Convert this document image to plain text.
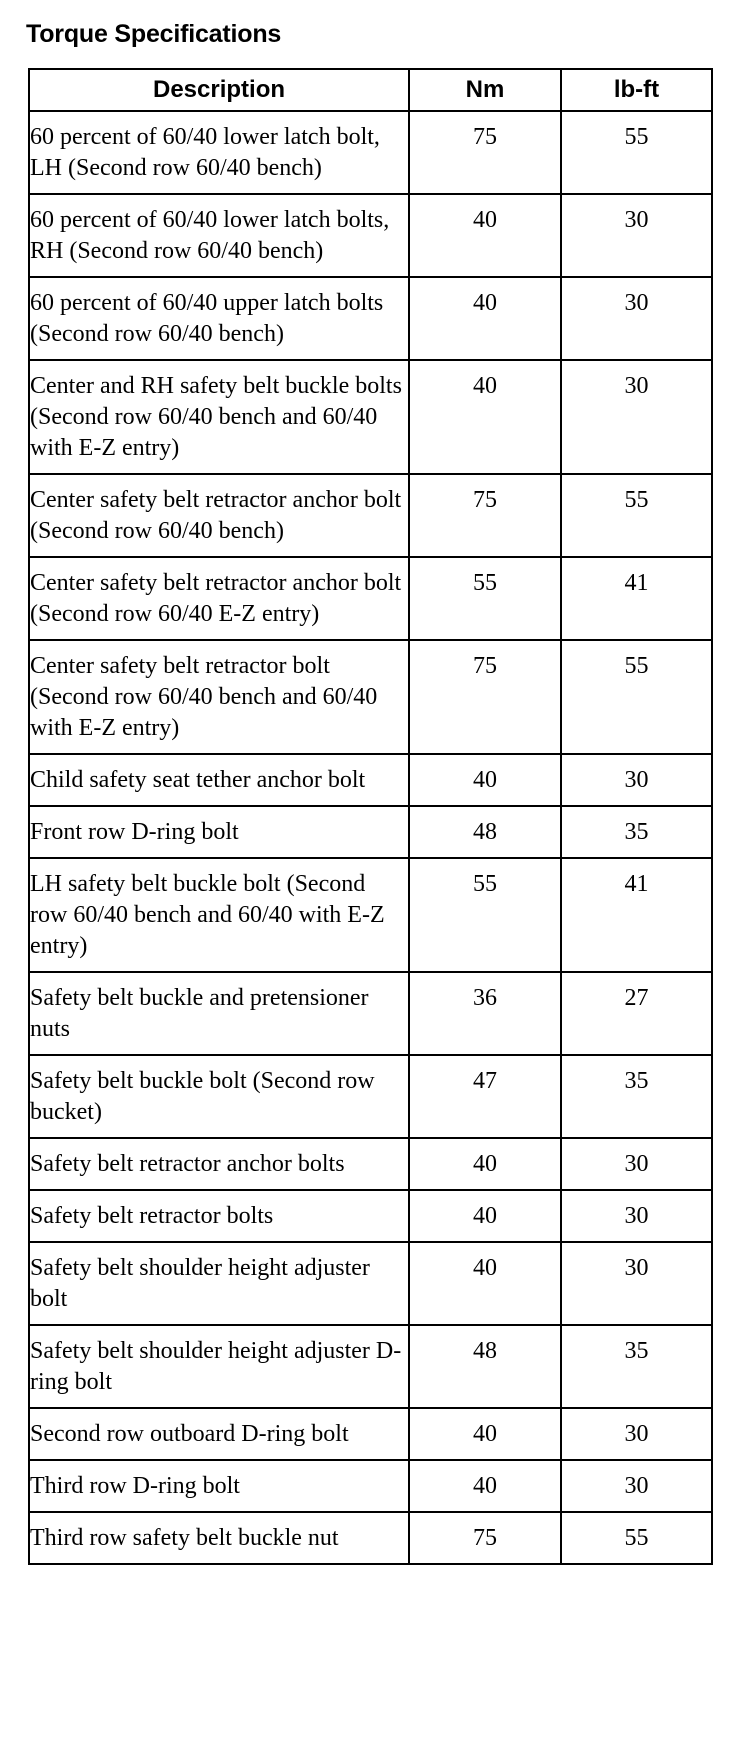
Torque Specifications
Description	Nm	lb-ft
60 percent of 60/40 lower latch bolt, LH (Second row 60/40 bench)	75	55
60 percent of 60/40 lower latch bolts, RH (Second row 60/40 bench)	40	30
60 percent of 60/40 upper latch bolts (Second row 60/40 bench)	40	30
Center and RH safety belt buckle bolts (Second row 60/40 bench and 60/40 with E-Z entry)	40	30
Center safety belt retractor anchor bolt (Second row 60/40 bench)	75	55
Center safety belt retractor anchor bolt (Second row 60/40 E-Z entry)	55	41
Center safety belt retractor bolt (Second row 60/40 bench and 60/40 with E-Z entry)	75	55
Child safety seat tether anchor bolt	40	30
Front row D-ring bolt	48	35
LH safety belt buckle bolt (Second row 60/40 bench and 60/40 with E-Z entry)	55	41
Safety belt buckle and pretensioner nuts	36	27
Safety belt buckle bolt (Second row bucket)	47	35
Safety belt retractor anchor bolts	40	30
Safety belt retractor bolts	40	30
Safety belt shoulder height adjuster bolt	40	30
Safety belt shoulder height adjuster D-ring bolt	48	35
Second row outboard D-ring bolt	40	30
Third row D-ring bolt	40	30
Third row safety belt buckle nut	75	55
